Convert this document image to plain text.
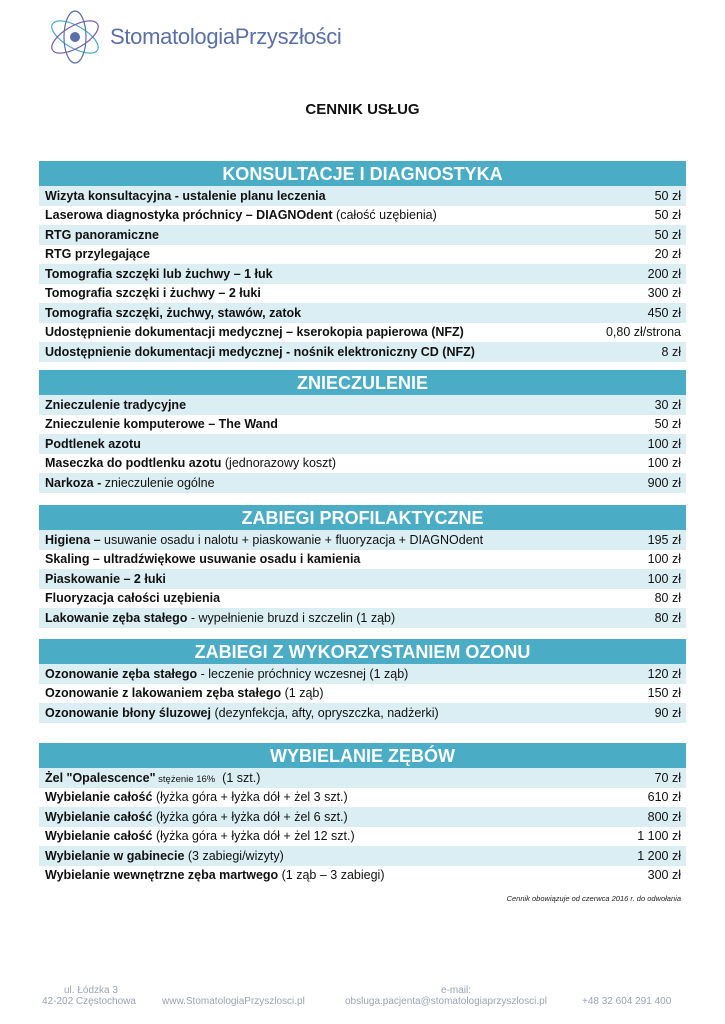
StomatologiaPrzyszłości
CENNIK USŁUG
KONSULTACJE I DIAGNOSTYKA
Wizyta konsultacyjna - ustalenie planu leczenia	50 zł
Laserowa diagnostyka próchnicy – DIAGNOdent (całość uzębienia)	50 zł
RTG panoramiczne	50 zł
RTG przylegające	20 zł
Tomografia szczęki lub żuchwy – 1 łuk	200 zł
Tomografia szczęki i żuchwy – 2 łuki	300 zł
Tomografia szczęki, żuchwy, stawów, zatok	450 zł
Udostępnienie dokumentacji medycznej – kserokopia papierowa (NFZ)	0,80 zł/strona
Udostępnienie dokumentacji medycznej - nośnik elektroniczny CD (NFZ)	8 zł
ZNIECZULENIE
Znieczulenie tradycyjne	30 zł
Znieczulenie komputerowe – The Wand	50 zł
Podtlenek azotu	100 zł
Maseczka do podtlenku azotu (jednorazowy koszt)	100 zł
Narkoza - znieczulenie ogólne	900 zł
ZABIEGI PROFILAKTYCZNE
Higiena – usuwanie osadu i nalotu + piaskowanie + fluoryzacja + DIAGNOdent	195 zł
Skaling – ultradźwiękowe usuwanie osadu i kamienia	100 zł
Piaskowanie – 2 łuki	100 zł
Fluoryzacja całości uzębienia	80 zł
Lakowanie zęba stałego - wypełnienie bruzd i szczelin (1 ząb)	80 zł
ZABIEGI Z WYKORZYSTANIEM OZONU
Ozonowanie zęba stałego - leczenie próchnicy wczesnej (1 ząb)	120 zł
Ozonowanie z lakowaniem zęba stałego (1 ząb)	150 zł
Ozonowanie błony śluzowej (dezynfekcja, afty, opryszczka, nadżerki)	90 zł
WYBIELANIE ZĘBÓW
Żel "Opalescence" stężenie 16%  (1 szt.)	70 zł
Wybielanie całość (łyżka góra + łyżka dół + żel 3 szt.)	610 zł
Wybielanie całość (łyżka góra + łyżka dół + żel 6 szt.)	800 zł
Wybielanie całość (łyżka góra + łyżka dół + żel 12 szt.)	1 100 zł
Wybielanie w gabinecie (3 zabiegi/wizyty)	1 200 zł
Wybielanie wewnętrzne zęba martwego (1 ząb – 3 zabiegi)	300 zł
Cennik obowiązuje od czerwca 2016 r. do odwołania
ul. Łódzka 3
42-202 Częstochowa	www.StomatologiaPrzyszlosci.pl
e-mail:
obsluga.pacjenta@stomatologiaprzyszlosci.pl	+48 32 604 291 400
